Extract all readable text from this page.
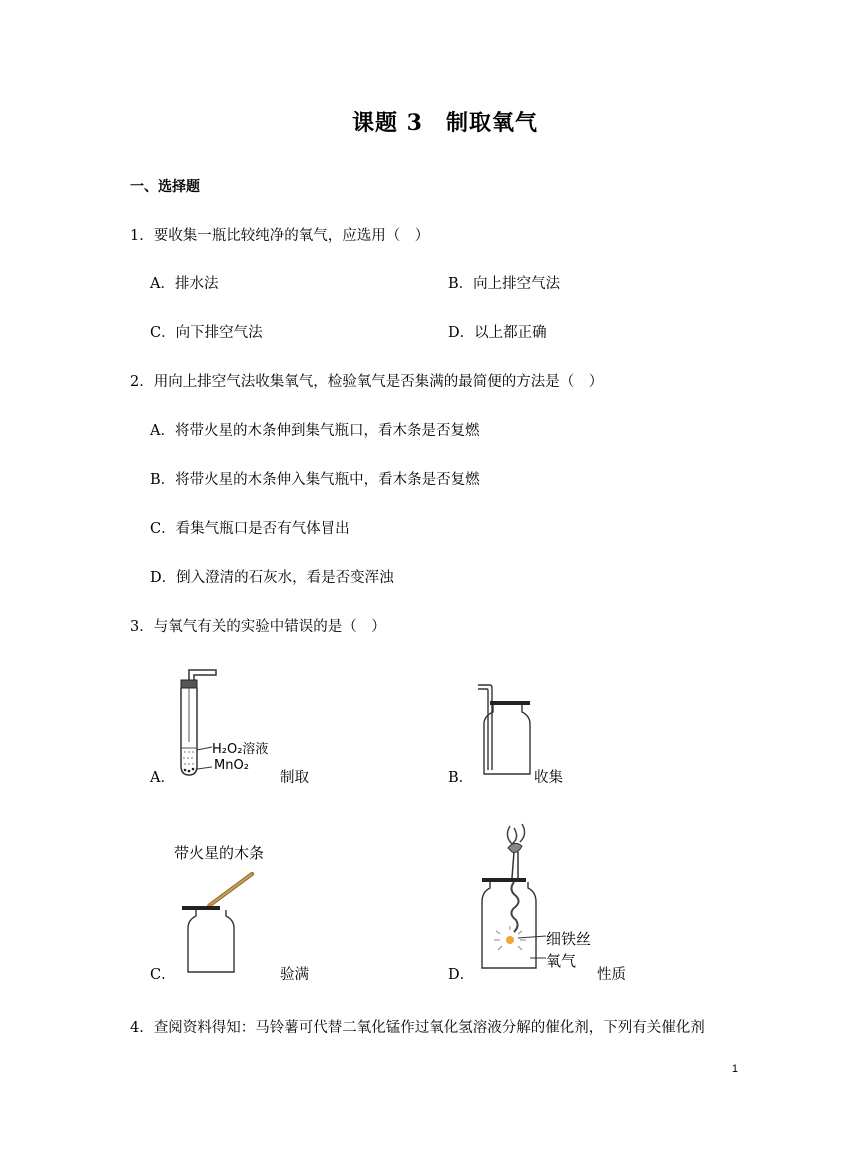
课题 3　制取氧气
一、选择题
1．要收集一瓶比较纯净的氧气，应选用（　）
A．排水法	B．向上排空气法
C．向下排空气法	D．以上都正确
2．用向上排空气法收集氧气，检验氧气是否集满的最简便的方法是（　）
A．将带火星的木条伸到集气瓶口，看木条是否复燃
B．将带火星的木条伸入集气瓶中，看木条是否复燃
C．看集气瓶口是否有气体冒出
D．倒入澄清的石灰水，看是否变浑浊
3．与氧气有关的实验中错误的是（　）
H₂O₂溶液
MnO₂
A．	制取	B．	收集
带火星的木条
C．	验满
细铁丝
氧气
D．	性质
4．查阅资料得知：马铃薯可代替二氧化锰作过氧化氢溶液分解的催化剂，下列有关催化剂
1
